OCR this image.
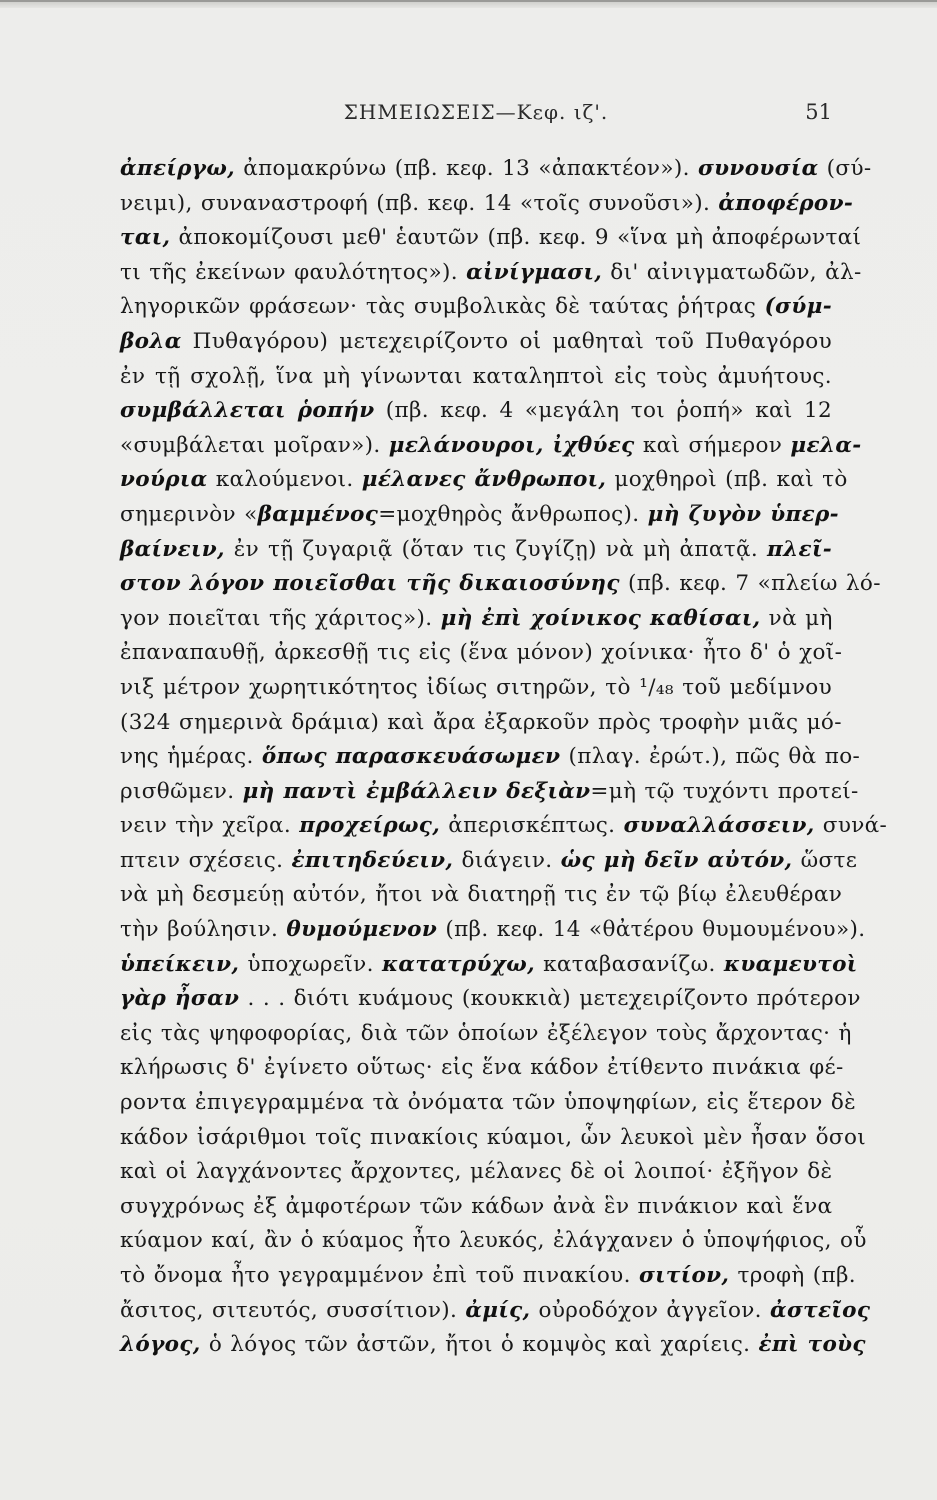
ΣΗΜΕΙΩΣΕΙΣ—Κεφ. ιζ'.	51
ἀπείργω, ἀπομακρύνω (πβ. κεφ. 13 «ἀπακτέον»). συνουσία (σύ-
νειμι), συναναστροφή (πβ. κεφ. 14 «τοῖς συνοῦσι»). ἀποφέρον-
ται, ἀποκομίζουσι μεθ' ἑαυτῶν (πβ. κεφ. 9 «ἵνα μὴ ἀποφέρωνταί
τι τῆς ἐκείνων φαυλότητος»). αἰνίγμασι, δι' αἰνιγματωδῶν, ἀλ-
ληγορικῶν φράσεων· τὰς συμβολικὰς δὲ ταύτας ῥήτρας (σύμ-
βολα Πυθαγόρου) μετεχειρίζοντο οἱ μαθηταὶ τοῦ Πυθαγόρου
ἐν τῇ σχολῇ, ἵνα μὴ γίνωνται καταληπτοὶ εἰς τοὺς ἀμυήτους.
συμβάλλεται ῥοπήν (πβ. κεφ. 4 «μεγάλη τοι ῥοπή» καὶ 12
«συμβάλεται μοῖραν»). μελάνουροι, ἰχθύες καὶ σήμερον μελα-
νούρια καλούμενοι. μέλανες ἄνθρωποι, μοχθηροὶ (πβ. καὶ τὸ
σημερινὸν «βαμμένος=μοχθηρὸς ἄνθρωπος). μὴ ζυγὸν ὑπερ-
βαίνειν, ἐν τῇ ζυγαριᾷ (ὅταν τις ζυγίζῃ) νὰ μὴ ἀπατᾷ. πλεῖ-
στον λόγον ποιεῖσθαι τῆς δικαιοσύνης (πβ. κεφ. 7 «πλείω λό-
γον ποιεῖται τῆς χάριτος»). μὴ ἐπὶ χοίνικος καθίσαι, νὰ μὴ
ἐπαναπαυθῇ, ἀρκεσθῇ τις εἰς (ἕνα μόνον) χοίνικα· ἦτο δ' ὁ χοῖ-
νιξ μέτρον χωρητικότητος ἰδίως σιτηρῶν, τὸ ¹/₄₈ τοῦ μεδίμνου
(324 σημερινὰ δράμια) καὶ ἄρα ἐξαρκοῦν πρὸς τροφὴν μιᾶς μό-
νης ἡμέρας. ὅπως παρασκευάσωμεν (πλαγ. ἐρώτ.), πῶς θὰ πο-
ρισθῶμεν. μὴ παντὶ ἐμβάλλειν δεξιὰν=μὴ τῷ τυχόντι προτεί-
νειν τὴν χεῖρα. προχείρως, ἀπερισκέπτως. συναλλάσσειν, συνά-
πτειν σχέσεις. ἐπιτηδεύειν, διάγειν. ὡς μὴ δεῖν αὐτόν, ὥστε
νὰ μὴ δεσμεύῃ αὐτόν, ἤτοι νὰ διατηρῇ τις ἐν τῷ βίῳ ἐλευθέραν
τὴν βούλησιν. θυμούμενον (πβ. κεφ. 14 «θἀτέρου θυμουμένου»).
ὑπείκειν, ὑποχωρεῖν. κατατρύχω, καταβασανίζω. κυαμευτοὶ
γὰρ ἦσαν . . . διότι κυάμους (κουκκιὰ) μετεχειρίζοντο πρότερον
εἰς τὰς ψηφοφορίας, διὰ τῶν ὁποίων ἐξέλεγον τοὺς ἄρχοντας· ἡ
κλήρωσις δ' ἐγίνετο οὕτως· εἰς ἕνα κάδον ἐτίθεντο πινάκια φέ-
ροντα ἐπιγεγραμμένα τὰ ὀνόματα τῶν ὑποψηφίων, εἰς ἕτερον δὲ
κάδον ἰσάριθμοι τοῖς πινακίοις κύαμοι, ὧν λευκοὶ μὲν ἦσαν ὅσοι
καὶ οἱ λαγχάνοντες ἄρχοντες, μέλανες δὲ οἱ λοιποί· ἐξῆγον δὲ
συγχρόνως ἐξ ἀμφοτέρων τῶν κάδων ἀνὰ ἓν πινάκιον καὶ ἕνα
κύαμον καί, ἂν ὁ κύαμος ἦτο λευκός, ἐλάγχανεν ὁ ὑποψήφιος, οὗ
τὸ ὄνομα ἦτο γεγραμμένον ἐπὶ τοῦ πινακίου. σιτίον, τροφὴ (πβ.
ἄσιτος, σιτευτός, συσσίτιον). ἀμίς, οὐροδόχον ἀγγεῖον. ἀστεῖος
λόγος, ὁ λόγος τῶν ἀστῶν, ἤτοι ὁ κομψὸς καὶ χαρίεις. ἐπὶ τοὺς
